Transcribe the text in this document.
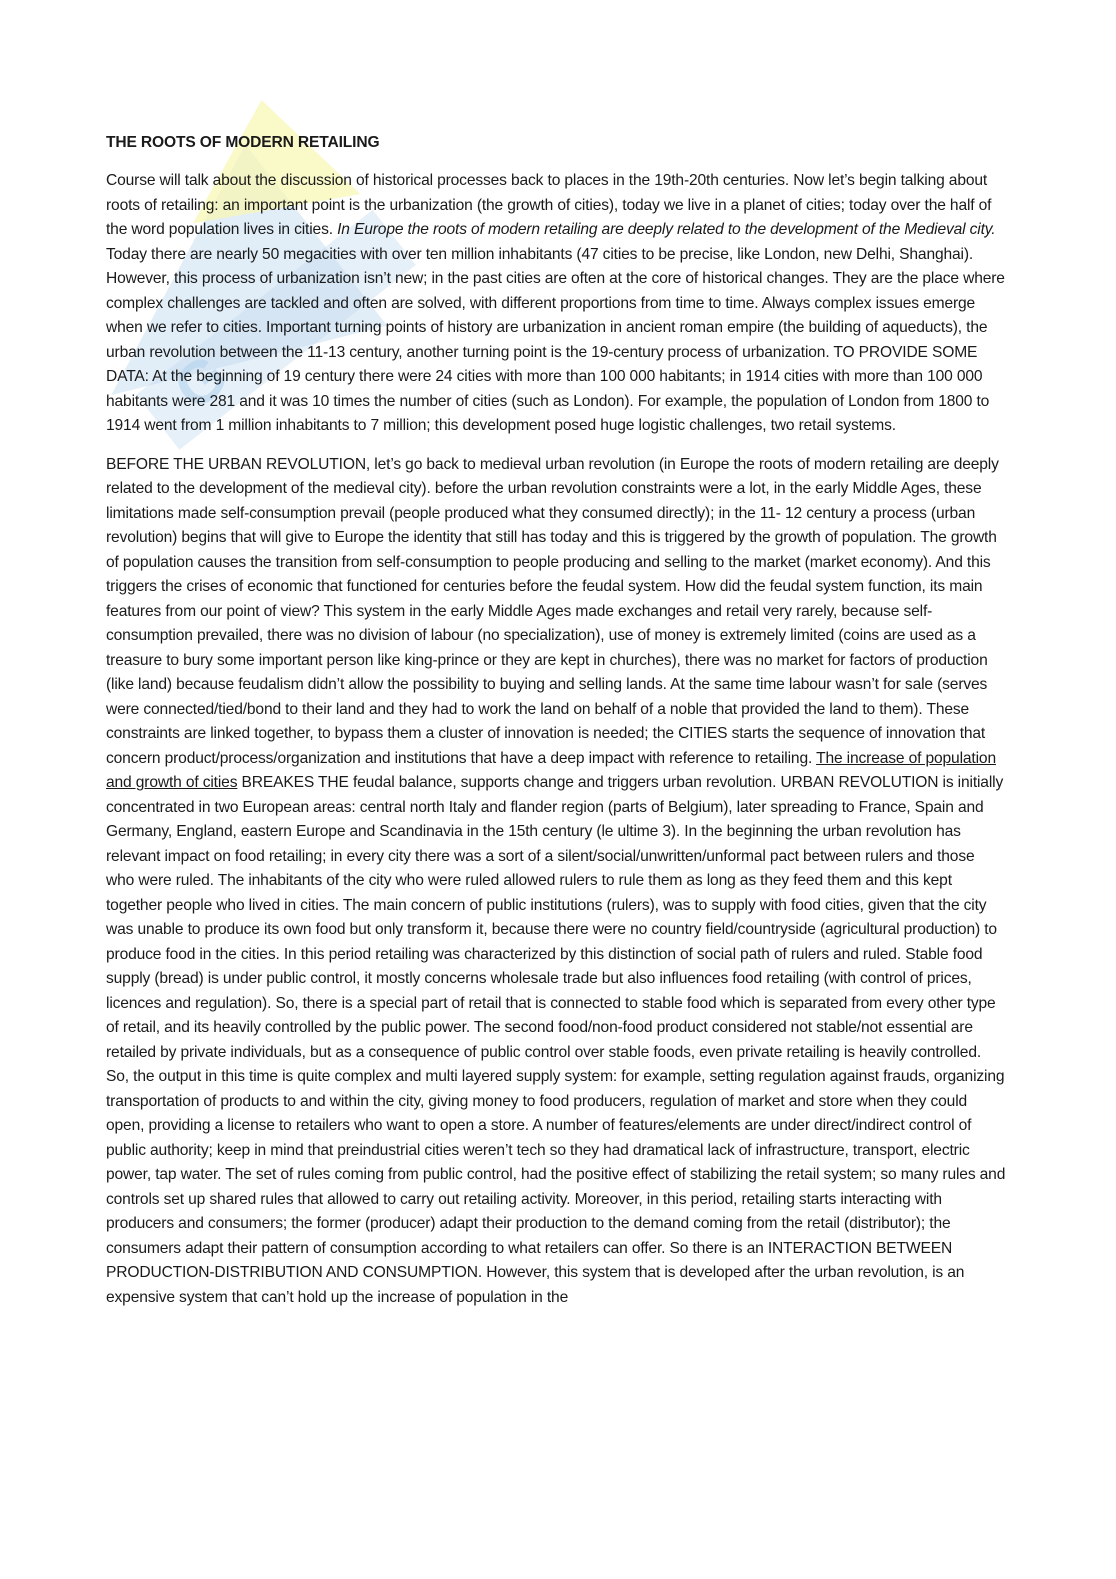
G
THE ROOTS OF MODERN RETAILING

Course will talk about the discussion of historical processes back to places in the 19th-20th centuries. Now let’s begin talking about roots of retailing: an important point is the urbanization (the growth of cities), today we live in a planet of cities; today over the half of the word population lives in cities. In Europe the roots of modern retailing are deeply related to the development of the Medieval city. Today there are nearly 50 megacities with over ten million inhabitants (47 cities to be precise, like London, new Delhi, Shanghai). However, this process of urbanization isn’t new; in the past cities are often at the core of historical changes. They are the place where complex challenges are tackled and often are solved, with different proportions from time to time. Always complex issues emerge when we refer to cities. Important turning points of history are urbanization in ancient roman empire (the building of aqueducts), the urban revolution between the 11-13 century, another turning point is the 19-century process of urbanization. TO PROVIDE SOME DATA: At the beginning of 19 century there were 24 cities with more than 100 000 habitants; in 1914 cities with more than 100 000 habitants were 281 and it was 10 times the number of cities (such as London). For example, the population of London from 1800 to 1914 went from 1 million inhabitants to 7 million; this development posed huge logistic challenges, two retail systems.

BEFORE THE URBAN REVOLUTION, let’s go back to medieval urban revolution (in Europe the roots of modern retailing are deeply related to the development of the medieval city). before the urban revolution constraints were a lot, in the early Middle Ages, these limitations made self-consumption prevail (people produced what they consumed directly); in the 11- 12 century a process (urban revolution) begins that will give to Europe the identity that still has today and this is triggered by the growth of population. The growth of population causes the transition from self-consumption to people producing and selling to the market (market economy). And this triggers the crises of economic that functioned for centuries before the feudal system. How did the feudal system function, its main features from our point of view? This system in the early Middle Ages made exchanges and retail very rarely, because self-consumption prevailed, there was no division of labour (no specialization), use of money is extremely limited (coins are used as a treasure to bury some important person like king-prince or they are kept in churches), there was no market for factors of production (like land) because feudalism didn’t allow the possibility to buying and selling lands. At the same time labour wasn’t for sale (serves were connected/tied/bond to their land and they had to work the land on behalf of a noble that provided the land to them). These constraints are linked together, to bypass them a cluster of innovation is needed; the CITIES starts the sequence of innovation that concern product/process/organization and institutions that have a deep impact with reference to retailing. The increase of population and growth of cities BREAKES THE feudal balance, supports change and triggers urban revolution. URBAN REVOLUTION is initially concentrated in two European areas: central north Italy and flander region (parts of Belgium), later spreading to France, Spain and Germany, England, eastern Europe and Scandinavia in the 15th century (le ultime 3). In the beginning the urban revolution has relevant impact on food retailing; in every city there was a sort of a silent/social/unwritten/unformal pact between rulers and those who were ruled. The inhabitants of the city who were ruled allowed rulers to rule them as long as they feed them and this kept together people who lived in cities. The main concern of public institutions (rulers), was to supply with food cities, given that the city was unable to produce its own food but only transform it, because there were no country field/countryside (agricultural production) to produce food in the cities. In this period retailing was characterized by this distinction of social path of rulers and ruled. Stable food supply (bread) is under public control, it mostly concerns wholesale trade but also influences food retailing (with control of prices, licences and regulation). So, there is a special part of retail that is connected to stable food which is separated from every other type of retail, and its heavily controlled by the public power. The second food/non-food product considered not stable/not essential are retailed by private individuals, but as a consequence of public control over stable foods, even private retailing is heavily controlled. So, the output in this time is quite complex and multi layered supply system: for example, setting regulation against frauds, organizing transportation of products to and within the city, giving money to food producers, regulation of market and store when they could open, providing a license to retailers who want to open a store. A number of features/elements are under direct/indirect control of public authority; keep in mind that preindustrial cities weren’t tech so they had dramatical lack of infrastructure, transport, electric power, tap water. The set of rules coming from public control, had the positive effect of stabilizing the retail system; so many rules and controls set up shared rules that allowed to carry out retailing activity. Moreover, in this period, retailing starts interacting with producers and consumers; the former (producer) adapt their production to the demand coming from the retail (distributor); the consumers adapt their pattern of consumption according to what retailers can offer. So there is an INTERACTION BETWEEN PRODUCTION-DISTRIBUTION AND CONSUMPTION. However, this system that is developed after the urban revolution, is an expensive system that can’t hold up the increase of population in the
